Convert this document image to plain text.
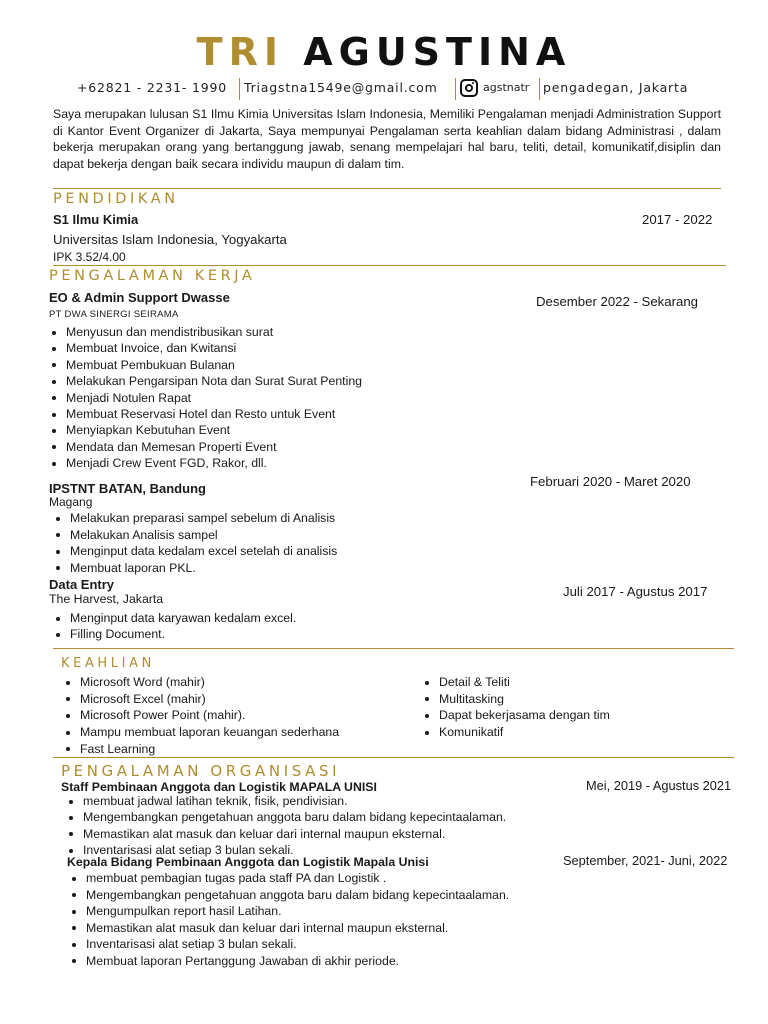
TRI AGUSTINA
+62821 - 2231- 1990 Triagstna1549e@gmail.com	agstnatr pengadegan, Jakarta

Saya merupakan lulusan S1 Ilmu Kimia Universitas Islam Indonesia, Memiliki Pengalaman menjadi Administration Support di Kantor Event Organizer di Jakarta, Saya mempunyai Pengalaman serta keahlian dalam bidang Administrasi , dalam bekerja merupakan orang yang bertanggung jawab, senang mempelajari hal baru, teliti, detail, komunikatif,disiplin dan dapat bekerja dengan baik secara individu maupun di dalam tim.

PENDIDIKAN
S1 Ilmu Kimia	2017 - 2022
Universitas Islam Indonesia, Yogyakarta
IPK 3.52/4.00
PENGALAMAN KERJA
EO & Admin Support Dwasse	Desember 2022 - Sekarang
PT DWA SINERGI SEIRAMA
Menyusun dan mendistribusikan surat
Membuat Invoice, dan Kwitansi
Membuat Pembukuan Bulanan
Melakukan Pengarsipan Nota dan Surat Surat Penting
Menjadi Notulen Rapat
Membuat Reservasi Hotel dan Resto untuk Event
Menyiapkan Kebutuhan Event
Mendata dan Memesan Properti Event
Menjadi Crew Event FGD, Rakor, dll.
IPSTNT BATAN, Bandung	Februari 2020 - Maret 2020
Magang
Melakukan preparasi sampel sebelum di Analisis
Melakukan Analisis sampel
Menginput data kedalam excel setelah di analisis
Membuat laporan PKL.
Data Entry	Juli 2017 - Agustus 2017
The Harvest, Jakarta
Menginput data karyawan kedalam excel.
Filling Document.
KEAHLIAN
Microsoft Word (mahir)
Microsoft Excel (mahir)
Microsoft Power Point (mahir).
Mampu membuat laporan keuangan sederhana
Fast Learning
Detail & Teliti
Multitasking
Dapat bekerjasama dengan tim
Komunikatif
PENGALAMAN ORGANISASI
Staff Pembinaan Anggota dan Logistik MAPALA UNISI	Mei, 2019 - Agustus 2021
membuat jadwal latihan teknik, fisik, pendivisian.
Mengembangkan pengetahuan anggota baru dalam bidang kepecintaalaman.
Memastikan alat masuk dan keluar dari internal maupun eksternal.
Inventarisasi alat setiap 3 bulan sekali.
Kepala Bidang Pembinaan Anggota dan Logistik Mapala Unisi	September, 2021- Juni, 2022
membuat pembagian tugas pada staff PA dan Logistik .
Mengembangkan pengetahuan anggota baru dalam bidang kepecintaalaman.
Mengumpulkan report hasil Latihan.
Memastikan alat masuk dan keluar dari internal maupun eksternal.
Inventarisasi alat setiap 3 bulan sekali.
Membuat laporan Pertanggung Jawaban di akhir periode.
